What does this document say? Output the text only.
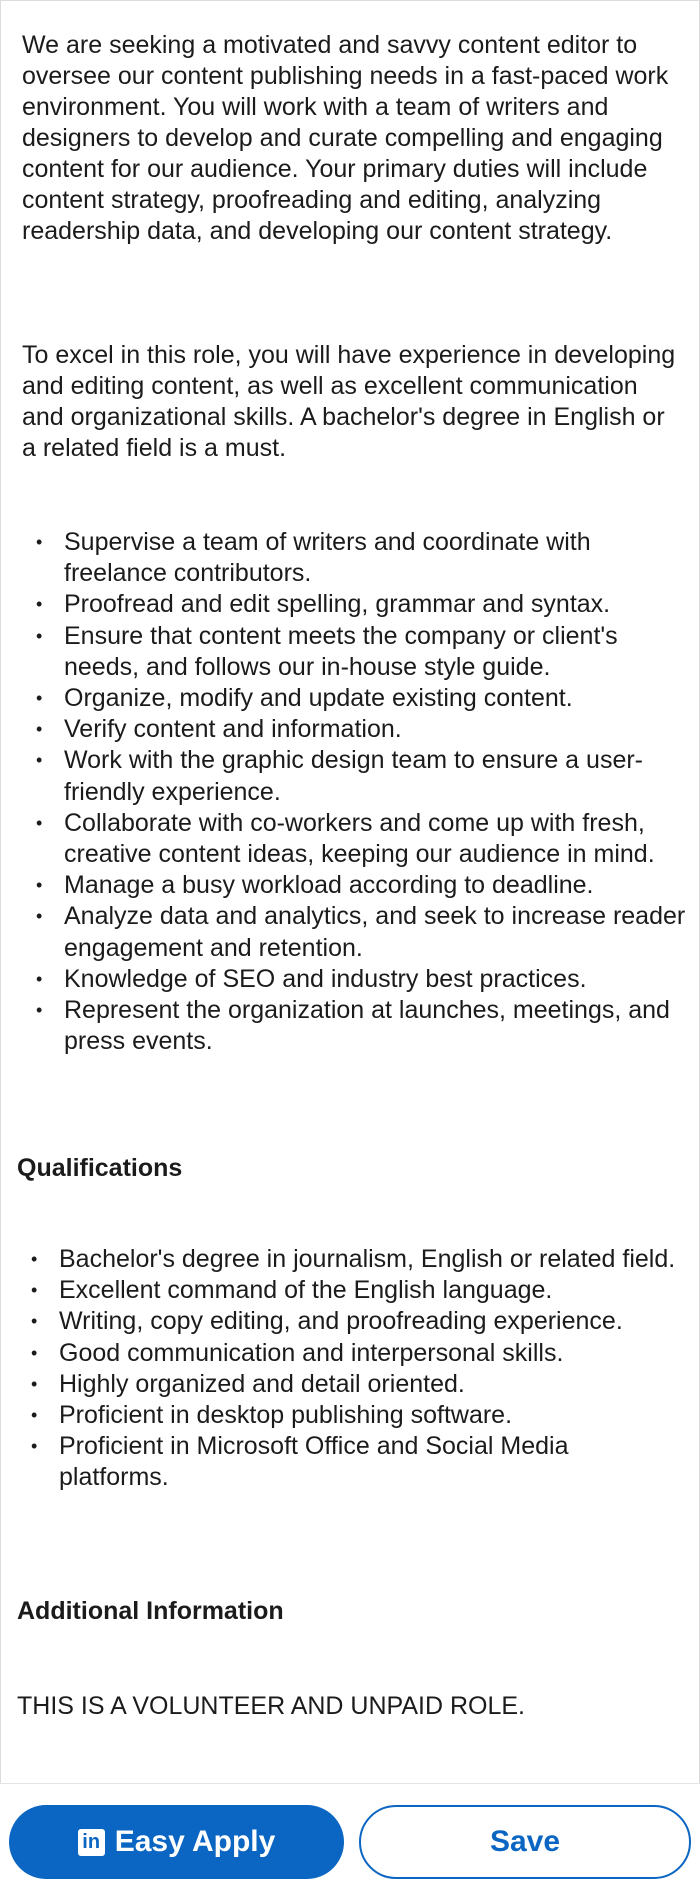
We are seeking a motivated and savvy content editor to oversee our content publishing needs in a fast-paced work environment. You will work with a team of writers and designers to develop and curate compelling and engaging content for our audience. Your primary duties will include content strategy, proofreading and editing, analyzing readership data, and developing our content strategy.

To excel in this role, you will have experience in developing and editing content, as well as excellent communication and organizational skills. A bachelor's degree in English or a related field is a must.

• Supervise a team of writers and coordinate with freelance contributors.
• Proofread and edit spelling, grammar and syntax.
• Ensure that content meets the company or client's needs, and follows our in-house style guide.
• Organize, modify and update existing content.
• Verify content and information.
• Work with the graphic design team to ensure a user-friendly experience.
• Collaborate with co-workers and come up with fresh, creative content ideas, keeping our audience in mind.
• Manage a busy workload according to deadline.
• Analyze data and analytics, and seek to increase reader engagement and retention.
• Knowledge of SEO and industry best practices.
• Represent the organization at launches, meetings, and press events.
Qualifications
• Bachelor's degree in journalism, English or related field.
• Excellent command of the English language.
• Writing, copy editing, and proofreading experience.
• Good communication and interpersonal skills.
• Highly organized and detail oriented.
• Proficient in desktop publishing software.
• Proficient in Microsoft Office and Social Media platforms.
Additional Information

THIS IS A VOLUNTEER AND UNPAID ROLE.

in Easy Apply	Save
